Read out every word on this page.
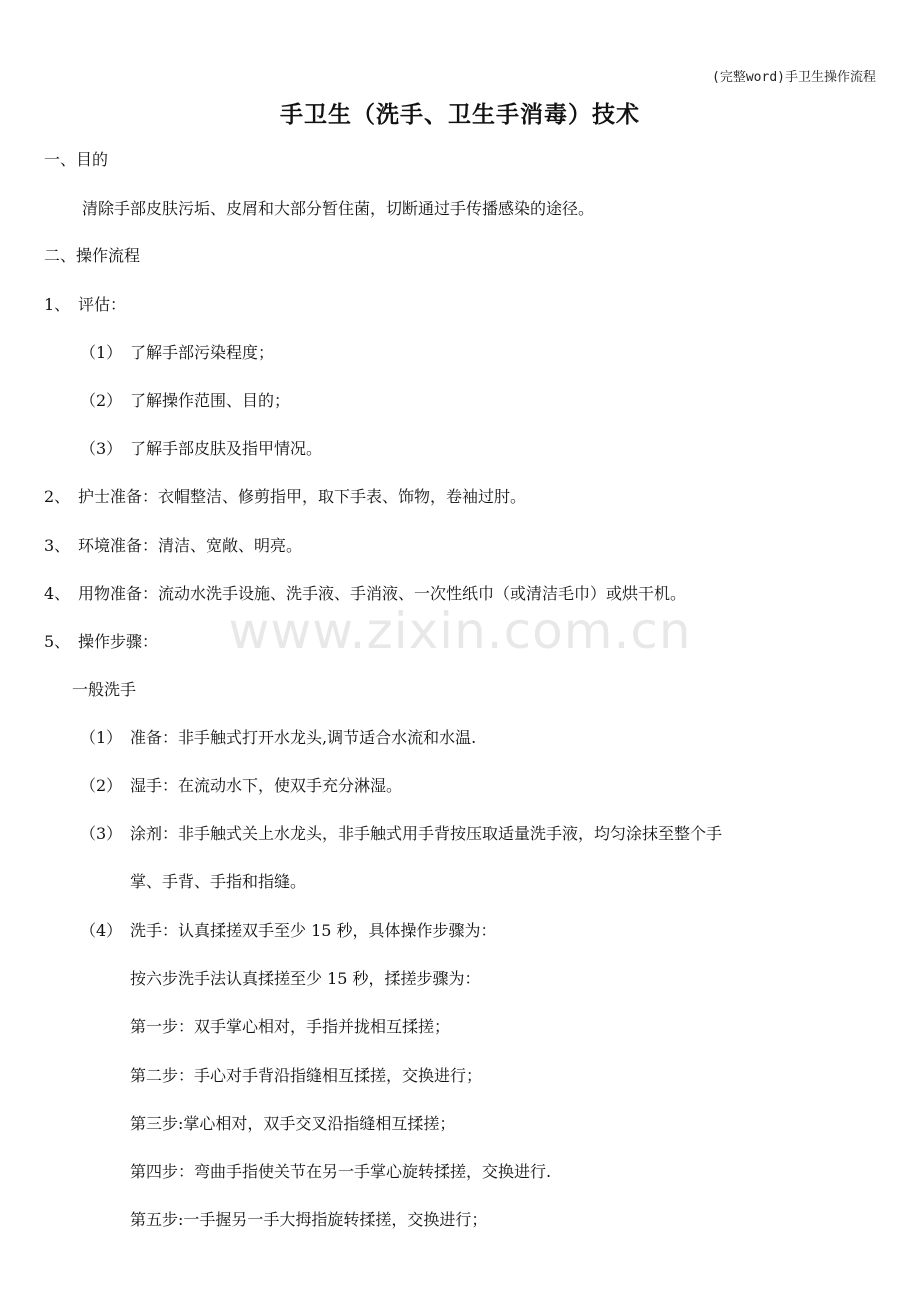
(完整word)手卫生操作流程
手卫生（洗手、卫生手消毒）技术
一、目的
清除手部皮肤污垢、皮屑和大部分暂住菌，切断通过手传播感染的途径。
二、操作流程
1、 评估：
（1） 了解手部污染程度；
（2） 了解操作范围、目的；
（3） 了解手部皮肤及指甲情况。
2、 护士准备：衣帽整洁、修剪指甲，取下手表、饰物，卷袖过肘。
3、 环境准备：清洁、宽敞、明亮。
4、 用物准备：流动水洗手设施、洗手液、手消液、一次性纸巾（或清洁毛巾）或烘干机。
5、 操作步骤：
一般洗手
（1） 准备：非手触式打开水龙头,调节适合水流和水温.
（2） 湿手：在流动水下，使双手充分淋湿。
（3） 涂剂：非手触式关上水龙头，非手触式用手背按压取适量洗手液，均匀涂抹至整个手
掌、手背、手指和指缝。
（4） 洗手：认真揉搓双手至少 15 秒，具体操作步骤为：
按六步洗手法认真揉搓至少 15 秒，揉搓步骤为：
第一步：双手掌心相对，手指并拢相互揉搓；
第二步：手心对手背沿指缝相互揉搓，交换进行；
第三步:掌心相对，双手交叉沿指缝相互揉搓；
第四步：弯曲手指使关节在另一手掌心旋转揉搓，交换进行.
第五步:一手握另一手大拇指旋转揉搓，交换进行；
www.zixin.com.cn
